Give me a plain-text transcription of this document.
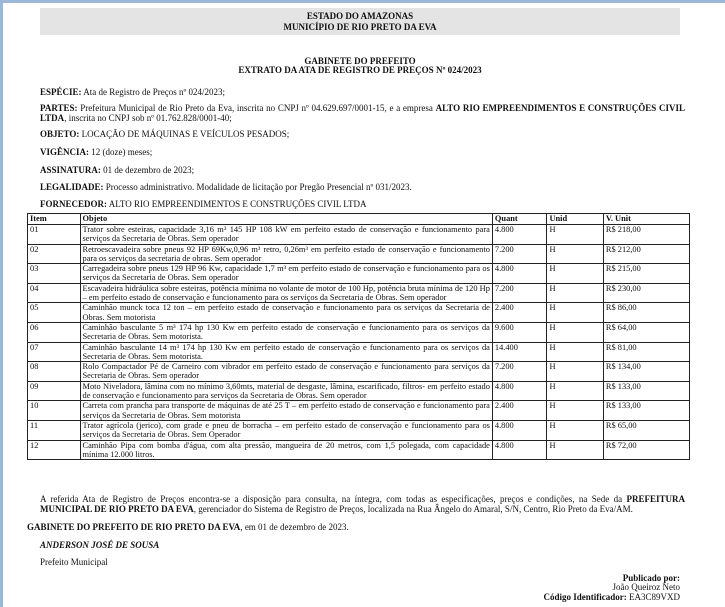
ESTADO DO AMAZONAS
MUNICÍPIO DE RIO PRETO DA EVA
GABINETE DO PREFEITO
EXTRATO DA ATA DE REGISTRO DE PREÇOS Nº 024/2023
ESPÉCIE: Ata de Registro de Preços nº 024/2023;
PARTES: Prefeitura Municipal de Rio Preto da Eva, inscrita no CNPJ nº 04.629.697/0001-15, e a empresa ALTO RIO EMPREENDIMENTOS E CONSTRUÇÕES CIVIL LTDA, inscrita no CNPJ sob nº 01.762.828/0001-40;
OBJETO: LOCAÇÃO DE MÁQUINAS E VEÍCULOS PESADOS;
VIGÊNCIA: 12 (doze) meses;
ASSINATURA: 01 de dezembro de 2023;
LEGALIDADE: Processo administrativo. Modalidade de licitação por Pregão Presencial nº 031/2023.
FORNECEDOR: ALTO RIO EMPREENDIMENTOS E CONSTRUÇÕES CIVIL LTDA
Item	Objeto	Quant	Unid	V. Unit
01	Trator sobre esteiras, capacidade 3,16 m³ 145 HP 108 kW em perfeito estado de conservação e funcionamento para serviços da Secretaria de Obras. Sem operador	4.800	H	R$ 218,00
02	Retroescavadeira sobre pneus 92 HP 69Kw,0,96 m³ retro, 0,26m³ em perfeito estado de conservação e funcionamento para os serviços da secretaria de obras. Sem operador	7.200	H	R$ 212,00
03	Carregadeira sobre pneus 129 HP 96 Kw, capacidade 1,7 m³ em perfeito estado de conservação e funcionamento para os serviços da Secretaria de Obras. Sem operador	4.800	H	R$ 215,00
04	Escavadeira hidráulica sobre esteiras, potência mínima no volante de motor de 100 Hp, potência bruta mínima de 120 Hp – em perfeito estado de conservação e funcionamento para os serviços da Secretaria de Obras. Sem operador	7.200	H	R$ 230,00
05	Caminhão munck toca 12 ton – em perfeito estado de conservação e funcionamento para os serviços da Secretaria de Obras. Sem motorista	2.400	H	R$ 86,00
06	Caminhão basculante 5 m³ 174 hp 130 Kw em perfeito estado de conservação e funcionamento para os serviços da Secretaria de Obras. Sem motorista.	9.600	H	R$ 64,00
07	Caminhão basculante 14 m³ 174 hp 130 Kw em perfeito estado de conservação e funcionamento para os serviços da Secretaria de Obras. Sem motorista.	14.400	H	R$ 81,00
08	Rolo Compactador Pé de Carneiro com vibrador em perfeito estado de conservação e funcionamento para serviços da Secretaria de Obras. Sem operador	7.200	H	R$ 134,00
09	Moto Niveladora, lâmina com no mínimo 3,60mts, material de desgaste, lâmina, escarificado, filtros- em perfeito estado de conservação e funcionamento para serviços da Secretaria de Obras. Sem operador	4.800	H	R$ 133,00
10	Carreta com prancha para transporte de máquinas de até 25 T – em perfeito estado de conservação e funcionamento para serviços da Secretaria de Obras. Sem motorista	2.400	H	R$ 133,00
11	Trator agrícola (jerico), com grade e pneu de borracha – em perfeito estado de conservação e funcionamento para os serviços da Secretaria de Obras. Sem Operador	4.800	H	R$ 65,00
12	Caminhão Pipa com bomba d'água, com alta pressão, mangueira de 20 metros, com 1,5 polegada, com capacidade mínima 12.000 litros.	4.800	H	R$ 72,00
A referida Ata de Registro de Preços encontra-se a disposição para consulta, na íntegra, com todas as especificações, preços e condições, na Sede da PREFEITURA MUNICIPAL DE RIO PRETO DA EVA, gerenciador do Sistema de Registro de Preços, localizada na Rua Ângelo do Amaral, S/N, Centro, Rio Preto da Eva/AM.
GABINETE DO PREFEITO DE RIO PRETO DA EVA, em 01 de dezembro de 2023.
ANDERSON JOSÉ DE SOUSA
Prefeito Municipal
Publicado por:
João Queiroz Neto
Código Identificador: EA3C89VXD
